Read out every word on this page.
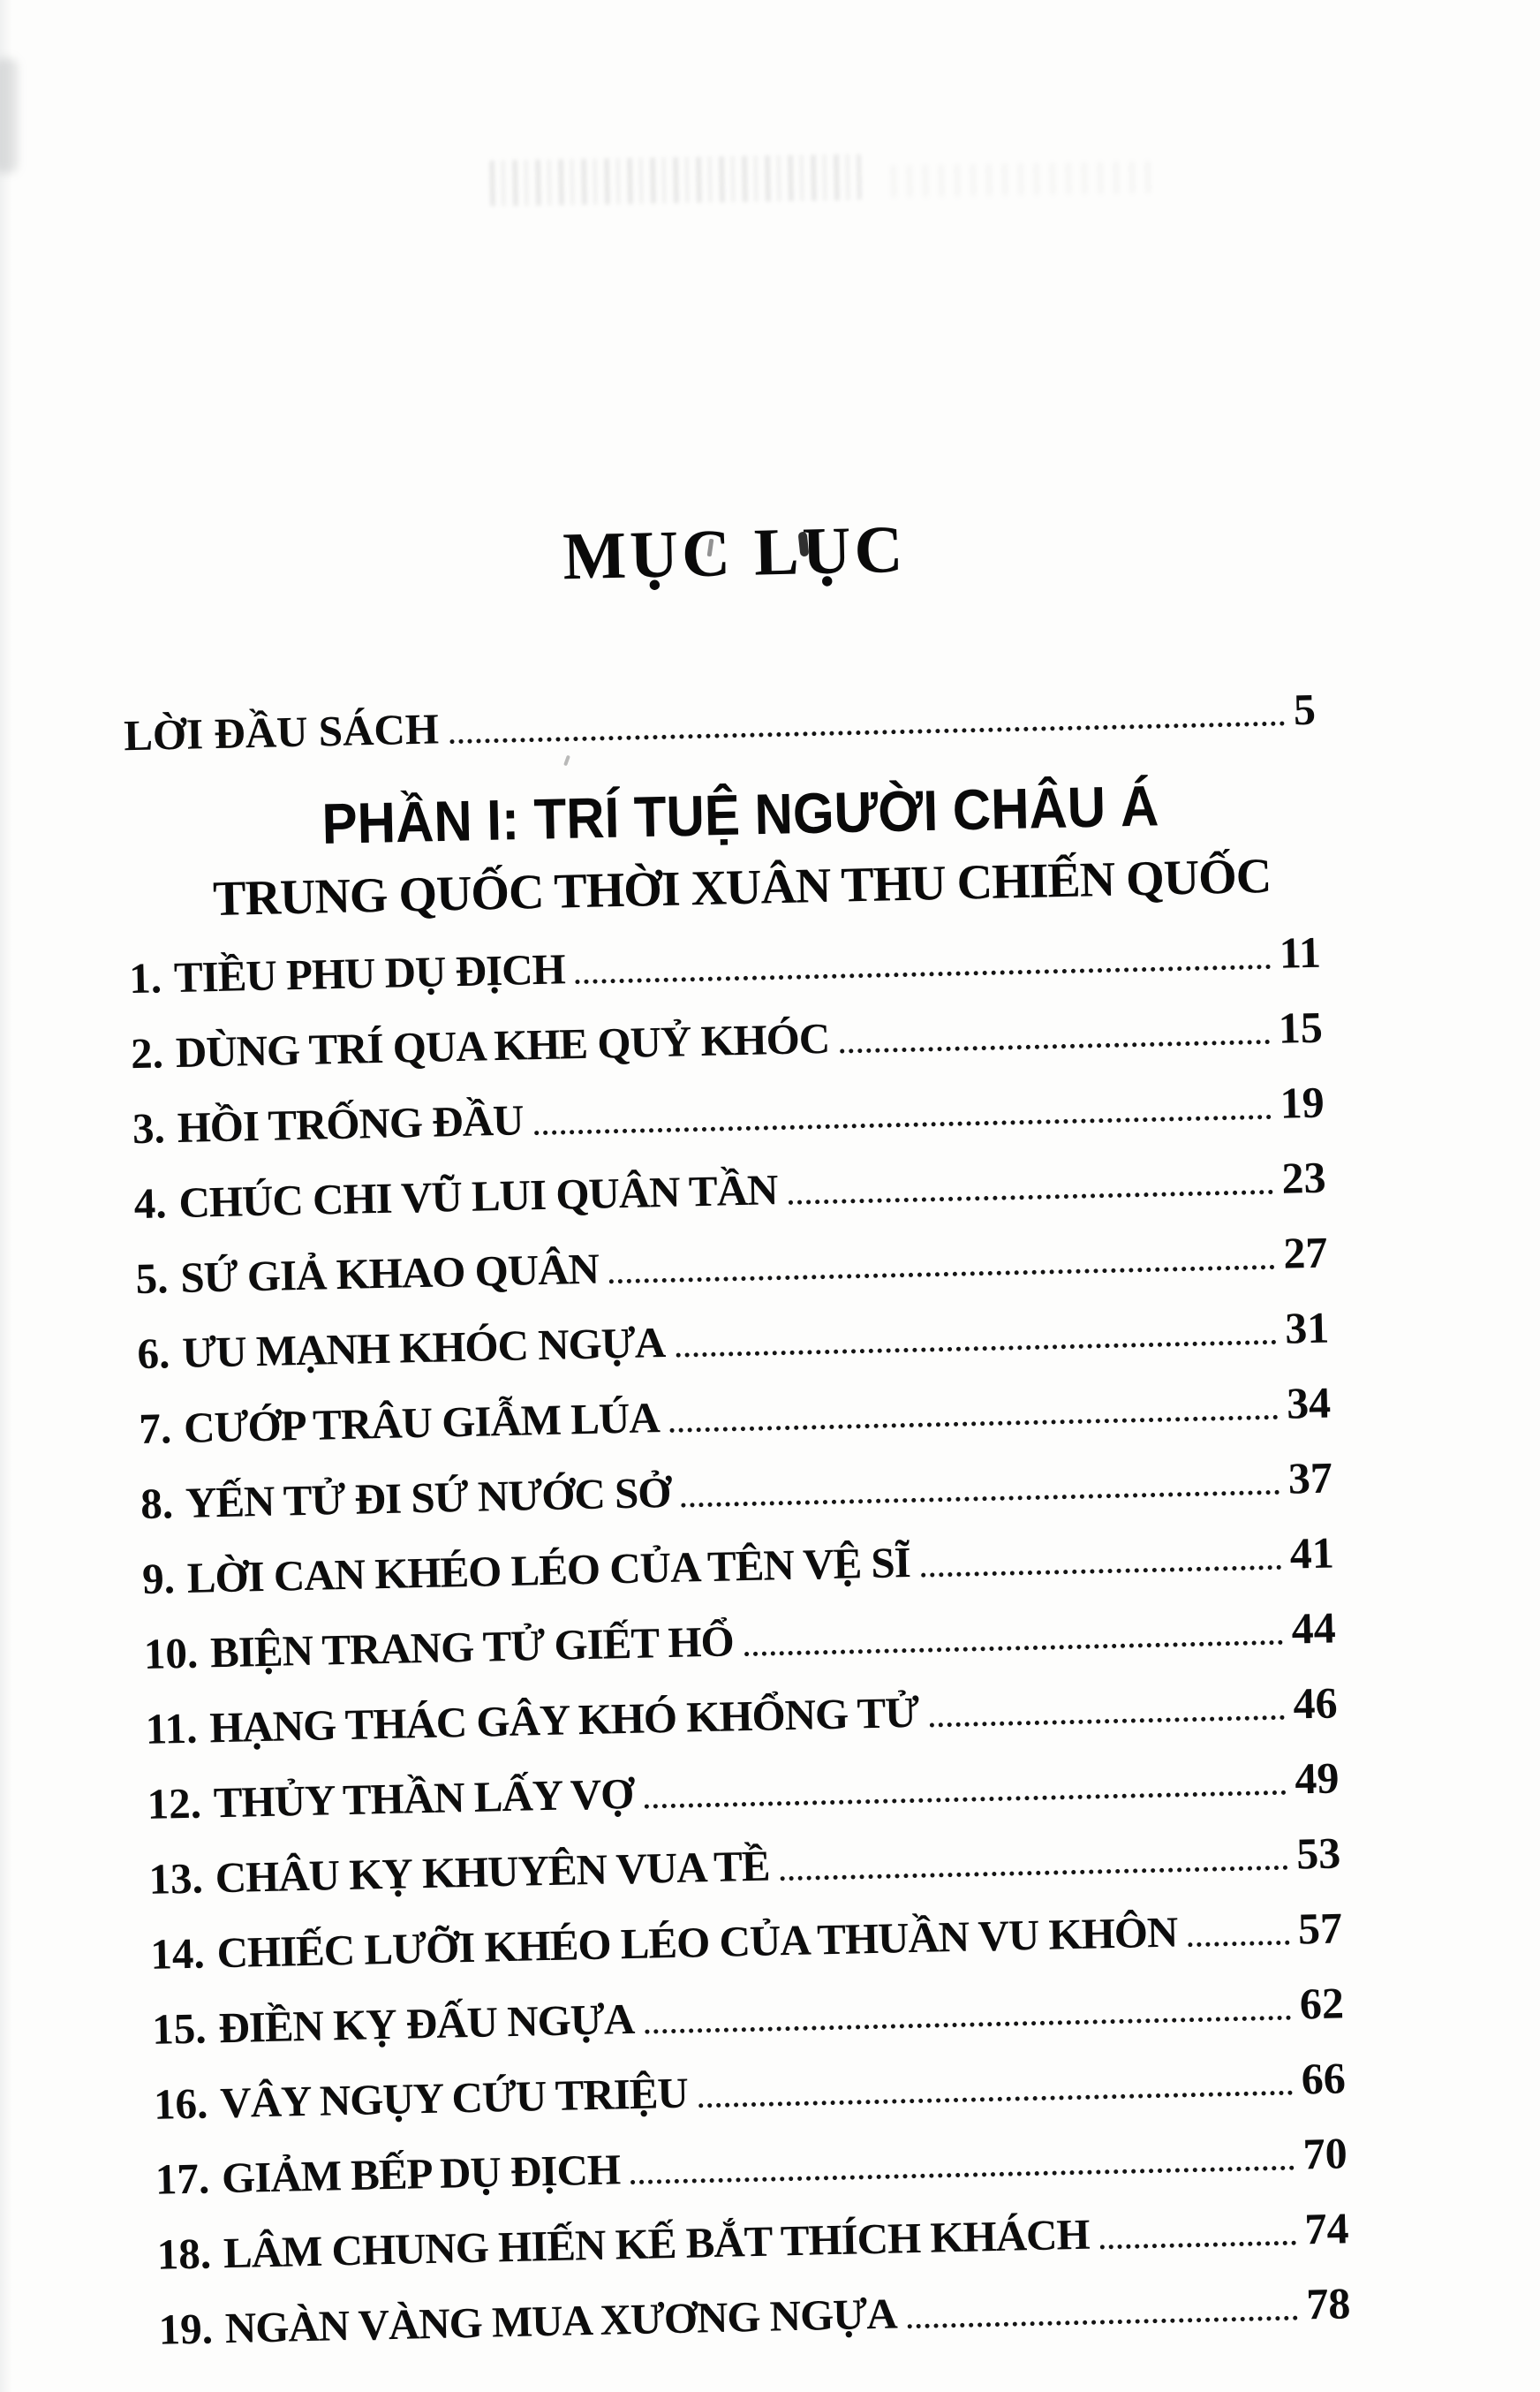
MỤC LỤC
LỜI ĐẦU SÁCH	5
PHẦN I: TRÍ TUỆ NGƯỜI CHÂU Á
TRUNG QUỐC THỜI XUÂN THU CHIẾN QUỐC
1. TIỀU PHU DỤ ĐỊCH	11
2. DÙNG TRÍ QUA KHE QUỶ KHÓC	15
3. HỒI TRỐNG ĐẦU	19
4. CHÚC CHI VŨ LUI QUÂN TẦN	23
5. SỨ GIẢ KHAO QUÂN	27
6. ƯU MẠNH KHÓC NGỰA	31
7. CƯỚP TRÂU GIẪM LÚA	34
8. YẾN TỬ ĐI SỨ NƯỚC SỞ	37
9. LỜI CAN KHÉO LÉO CỦA TÊN VỆ SĨ	41
10. BIỆN TRANG TỬ GIẾT HỔ	44
11. HẠNG THÁC GÂY KHÓ KHỔNG TỬ	46
12. THỦY THẦN LẤY VỢ	49
13. CHÂU KỴ KHUYÊN VUA TỀ	53
14. CHIẾC LƯỠI KHÉO LÉO CỦA THUẦN VU KHÔN	57
15. ĐIỀN KỴ ĐẤU NGỰA	62
16. VÂY NGỤY CỨU TRIỆU	66
17. GIẢM BẾP DỤ ĐỊCH	70
18. LÂM CHUNG HIẾN KẾ BẮT THÍCH KHÁCH	74
19. NGÀN VÀNG MUA XƯƠNG NGỰA	78
